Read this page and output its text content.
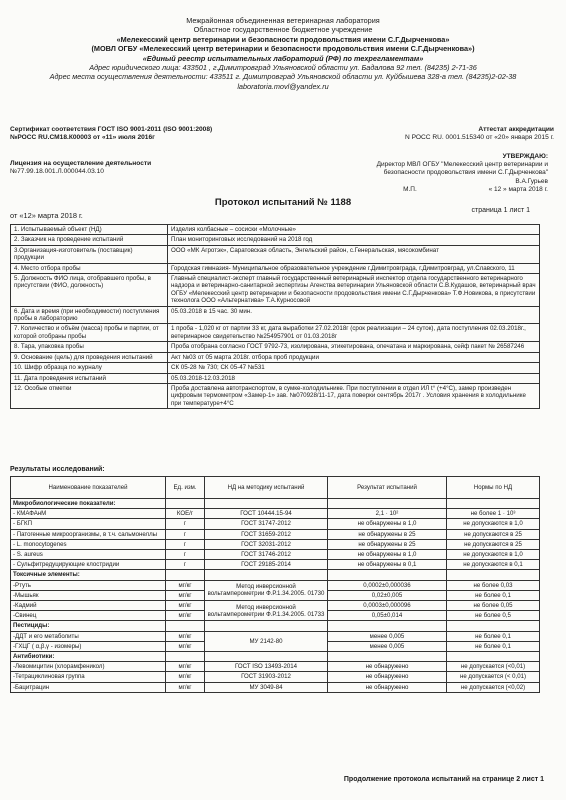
Межрайонная объединенная ветеринарная лаборатория
Областное государственное бюджетное учреждение
«Мелекесский центр ветеринарии и безопасности продовольствия имени С.Г.Дырченкова»
(МОВЛ ОГБУ «Мелекесский центр ветеринарии и безопасности продовольствия имени С.Г.Дырченкова»)
«Единый реестр испытательных лабораторий (РФ) по техрегламентам»
Адрес юридического лица: 433501 , г.Димитровград Ульяновской области ул. Бадалова 92 тел. (84235) 2-71-36
Адрес места осуществления деятельности: 433511 г. Димитровград Ульяновской области ул. Куйбышева 328-а тел. (84235)2-02-38
laboratoria.movl@yandex.ru
Сертификат соответствия ГОСТ ISO 9001-2011 (ISO 9001:2008)
№РОСС RU.СМ18.К00003 от «11» июля 2016г
Аттестат аккредитации
N РОСС RU. 0001.515340 от «20» января 2015 г.
Лицензия на осуществление деятельности
№77.99.18.001.Л.000044.03.10
УТВЕРЖДАЮ:
Директор МВЛ ОГБУ "Мелекесский центр ветеринарии и
безопасности продовольствия имени С.Г.Дырченкова"
В.А.Гурьев
М.П.	« 12 » марта 2018 г.
Протокол испытаний № 1188
от «12» марта 2018 г.
страница 1 лист 1
1. Испытываемый объект (НД)	Изделия колбасные – сосиски «Молочные»
2. Заказчик на проведение испытаний	План мониторинговых исследований на 2018 год
3.Организация-изготовитель (поставщик) продукции	ООО «МК Агротэк», Саратовская область, Энгельский район, с.Генеральская, мясокомбинат
4. Место отбора пробы	Городская гимназия- Муниципальное образовательное учреждение г.Димитровграда, г.Димитровград, ул.Славского, 11
5. Должность ФИО лица, отобравшего пробы, в присутствии (ФИО, должность)	Главный специалист-эксперт главный государственный ветеринарный инспектор отдела государственного ветеринарного надзора и ветеринарно-санитарной экспертизы Агенства ветеринарии Ульяновской области С.В.Кудашов, ветеринарный врач ОГБУ «Мелекесский центр ветеринарии и безопасности продовольствия имени С.Г.Дырченкова» Т.Ф.Новикова, в присутствии технолога ООО «Альтернатива» Т.А.Курносовой
6. Дата и время (при необходимости) поступления пробы в лабораторию	05.03.2018 в 15 час. 30 мин.
7. Количество и объём (масса) пробы и партии, от которой отобраны пробы	1 проба - 1,020 кг от партии 33 кг, дата выработки 27.02.2018г (срок реализации – 24 суток), дата поступления 02.03.2018г., ветеринарное свидетельство №254957901 от 01.03.2018г
8. Тара, упаковка пробы	Проба отобрана согласно ГОСТ 9792-73, изолирована, этикетирована, опечатана и маркирована, сейф пакет № 26587246
9. Основание (цель) для проведения испытаний	Акт №03 от 05 марта 2018г. отбора проб продукции
10. Шифр образца по журналу	СК 05-28 № 730; СК 05-47 №531
11. Дата проведения испытаний	05.03.2018-12.03.2018
12. Особые отметки	Проба доставлена автотранспортом, в сумке-холодильнике. При поступлении в отдел ИЛ t° (+4°С), замер произведен цифровым термометром «Замер-1» зав. №070928/11-17, дата поверки сентябрь 2017г . Условия хранения в холодильнике при температуре+4°С
Результаты исследований:
Наименование показателей	Ед. изм.	НД на методику испытаний	Результат испытаний	Нормы по НД
Микробиологические показатели:				
- КМАФАнМ	КОЕ/г	ГОСТ 10444.15-94	2,1 · 10²	не более 1 · 10³
- БГКП	г	ГОСТ 31747-2012	не обнаружены в 1,0	не допускаются в 1,0
- Патогенные микроорганизмы, в т.ч. сальмонеллы	г	ГОСТ 31659-2012	не обнаружены в 25	не допускаются в 25
- L. monocytogenes	г	ГОСТ 32031-2012	не обнаружены в 25	не допускаются в 25
- S. aureus	г	ГОСТ 31746-2012	не обнаружены в 1,0	не допускаются в 1,0
- Сульфитредуцирующие клостридии	г	ГОСТ 29185-2014	не обнаружены в 0,1	не допускаются в 0,1
Токсичные элементы:				
-Ртуть	мг/кг	Метод инверсионной вольтамперометрии Ф.Р.1.34.2005. 01730	0,0002±0,000036	не более 0,03
-Мышьяк	мг/кг		0,02±0,005	не более 0,1
-Кадмий	мг/кг	Метод инверсионной вольтамперометрии Ф.Р.1.34.2005. 01733	0,0003±0,000096	не более 0,05
-Свинец	мг/кг		0,05±0,014	не более 0,5
Пестициды:				
-ДДТ и его метаболиты	мг/кг	МУ 2142-80	менее 0,005	не более 0,1
-ГХЦГ ( α,β,γ - изомеры)	мг/кг		менее 0,005	не более 0,1
Антибиотики:				
-Левомицитин (хлорамфеникол)	мг/кг	ГОСТ ISO 13493-2014	не обнаружено	не допускается (<0,01)
-Тетрациклиновая группа	мг/кг	ГОСТ 31903-2012	не обнаружено	не допускается (< 0,01)
-Бацитрацин	мг/кг	МУ 3049-84	не обнаружено	не допускается (<0,02)
Продолжение протокола испытаний на странице 2 лист 1
